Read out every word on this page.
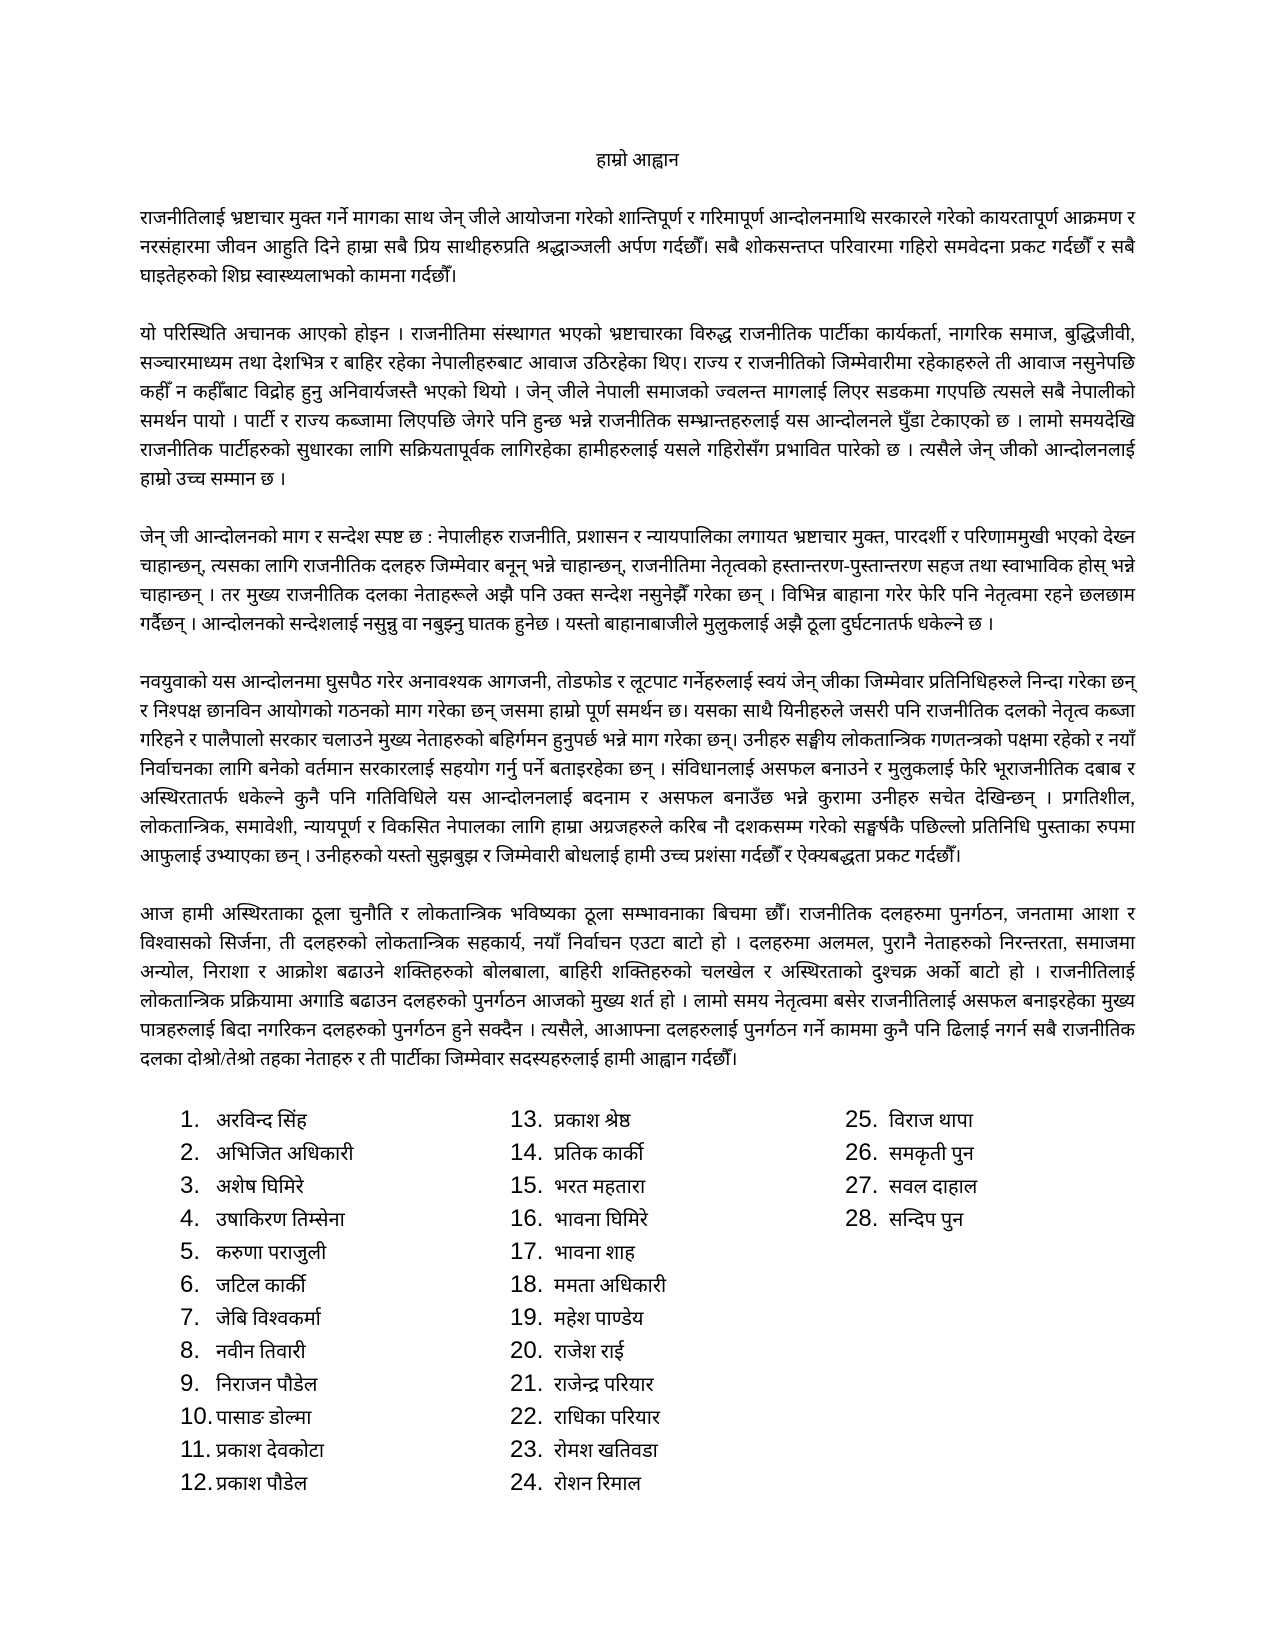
हाम्रो आह्वान

राजनीतिलाई भ्रष्टाचार मुक्त गर्ने मागका साथ जेन् जीले आयोजना गरेको शान्तिपूर्ण र गरिमापूर्ण आन्दोलनमाथि सरकारले गरेको कायरतापूर्ण आक्रमण र नरसंहारमा जीवन आहुति दिने हाम्रा सबै प्रिय साथीहरुप्रति श्रद्धाञ्जली अर्पण गर्दछौँ। सबै शोकसन्तप्त परिवारमा गहिरो समवेदना प्रकट गर्दछौँ र सबै घाइतेहरुको शिघ्र स्वास्थ्यलाभको कामना गर्दछौँ।

यो परिस्थिति अचानक आएको होइन । राजनीतिमा संस्थागत भएको भ्रष्टाचारका विरुद्ध राजनीतिक पार्टीका कार्यकर्ता, नागरिक समाज, बुद्धिजीवी, सञ्चारमाध्यम तथा देशभित्र र बाहिर रहेका नेपालीहरुबाट आवाज उठिरहेका थिए। राज्य र राजनीतिको जिम्मेवारीमा रहेकाहरुले ती आवाज नसुनेपछि कहीँ न कहीँबाट विद्रोह हुनु अनिवार्यजस्तै भएको थियो । जेन् जीले नेपाली समाजको ज्वलन्त मागलाई लिएर सडकमा गएपछि त्यसले सबै नेपालीको समर्थन पायो । पार्टी र राज्य कब्जामा लिएपछि जेगरे पनि हुन्छ भन्ने राजनीतिक सम्भ्रान्तहरुलाई यस आन्दोलनले घुँडा टेकाएको छ । लामो समयदेखि राजनीतिक पार्टीहरुको सुधारका लागि सक्रियतापूर्वक लागिरहेका हामीहरुलाई यसले गहिरोसँग प्रभावित पारेको छ । त्यसैले जेन् जीको आन्दोलनलाई हाम्रो उच्च सम्मान छ ।

जेन् जी आन्दोलनको माग र सन्देश स्पष्ट छ : नेपालीहरु राजनीति, प्रशासन र न्यायपालिका लगायत भ्रष्टाचार मुक्त, पारदर्शी र परिणाममुखी भएको देख्न चाहान्छन्, त्यसका लागि राजनीतिक दलहरु जिम्मेवार बनून् भन्ने चाहान्छन्, राजनीतिमा नेतृत्वको हस्तान्तरण-पुस्तान्तरण सहज तथा स्वाभाविक होस् भन्ने चाहान्छन् । तर मुख्य राजनीतिक दलका नेताहरूले अझै पनि उक्त सन्देश नसुनेझैँ गरेका छन् । विभिन्न बाहाना गरेर फेरि पनि नेतृत्वमा रहने छलछाम गर्दैछन् । आन्दोलनको सन्देशलाई नसुन्नु वा नबुझ्नु घातक हुनेछ । यस्तो बाहानाबाजीले मुलुकलाई अझै ठूला दुर्घटनातर्फ धकेल्ने छ ।

नवयुवाको यस आन्दोलनमा घुसपैठ गरेर अनावश्यक आगजनी, तोडफोड र लूटपाट गर्नेहरुलाई स्वयं जेन् जीका जिम्मेवार प्रतिनिधिहरुले निन्दा गरेका छन् र निश्पक्ष छानविन आयोगको गठनको माग गरेका छन् जसमा हाम्रो पूर्ण समर्थन छ। यसका साथै यिनीहरुले जसरी पनि राजनीतिक दलको नेतृत्व कब्जा गरिहने र पालैपालो सरकार चलाउने मुख्य नेताहरुको बहिर्गमन हुनुपर्छ भन्ने माग गरेका छन्। उनीहरु सङ्घीय लोकतान्त्रिक गणतन्त्रको पक्षमा रहेको र नयाँ निर्वाचनका लागि बनेको वर्तमान सरकारलाई सहयोग गर्नु पर्ने बताइरहेका छन् । संविधानलाई असफल बनाउने र मुलुकलाई फेरि भूराजनीतिक दबाब र अस्थिरतातर्फ धकेल्ने कुनै पनि गतिविधिले यस आन्दोलनलाई बदनाम र असफल बनाउँछ भन्ने कुरामा उनीहरु सचेत देखिन्छन् । प्रगतिशील, लोकतान्त्रिक, समावेशी, न्यायपूर्ण र विकसित नेपालका लागि हाम्रा अग्रजहरुले करिब नौ दशकसम्म गरेको सङ्घर्षकै पछिल्लो प्रतिनिधि पुस्ताका रुपमा आफुलाई उभ्याएका छन् । उनीहरुको यस्तो सुझबुझ र जिम्मेवारी बोधलाई हामी उच्च प्रशंसा गर्दछौँ र ऐक्यबद्धता प्रकट गर्दछौँ।

आज हामी अस्थिरताका ठूला चुनौति र लोकतान्त्रिक भविष्यका ठूला सम्भावनाका बिचमा छौँ। राजनीतिक दलहरुमा पुनर्गठन, जनतामा आशा र विश्वासको सिर्जना, ती दलहरुको लोकतान्त्रिक सहकार्य, नयाँ निर्वाचन एउटा बाटो हो । दलहरुमा अलमल, पुरानै नेताहरुको निरन्तरता, समाजमा अन्योल, निराशा र आक्रोश बढाउने शक्तिहरुको बोलबाला, बाहिरी शक्तिहरुको चलखेल र अस्थिरताको दुश्चक्र अर्को बाटो हो । राजनीतिलाई लोकतान्त्रिक प्रक्रियामा अगाडि बढाउन दलहरुको पुनर्गठन आजको मुख्य शर्त हो । लामो समय नेतृत्वमा बसेर राजनीतिलाई असफल बनाइरहेका मुख्य पात्रहरुलाई बिदा नगरिकन दलहरुको पुनर्गठन हुने सक्दैन । त्यसैले, आआफ्ना दलहरुलाई पुनर्गठन गर्ने काममा कुनै पनि ढिलाई नगर्न सबै राजनीतिक दलका दोश्रो/तेश्रो तहका नेताहरु र ती पार्टीका जिम्मेवार सदस्यहरुलाई हामी आह्वान गर्दछौँ।

1. अरविन्द सिंह
2. अभिजित अधिकारी
3. अशेष घिमिरे
4. उषाकिरण तिम्सेना
5. करुणा पराजुली
6. जटिल कार्की
7. जेबि विश्वकर्मा
8. नवीन तिवारी
9. निराजन पौडेल
10. पासाङ डोल्मा
11. प्रकाश देवकोटा
12. प्रकाश पौडेल
13. प्रकाश श्रेष्ठ
14. प्रतिक कार्की
15. भरत महतारा
16. भावना घिमिरे
17. भावना शाह
18. ममता अधिकारी
19. महेश पाण्डेय
20. राजेश राई
21. राजेन्द्र परियार
22. राधिका परियार
23. रोमश खतिवडा
24. रोशन रिमाल
25. विराज थापा
26. समकृती पुन
27. सवल दाहाल
28. सन्दिप पुन
